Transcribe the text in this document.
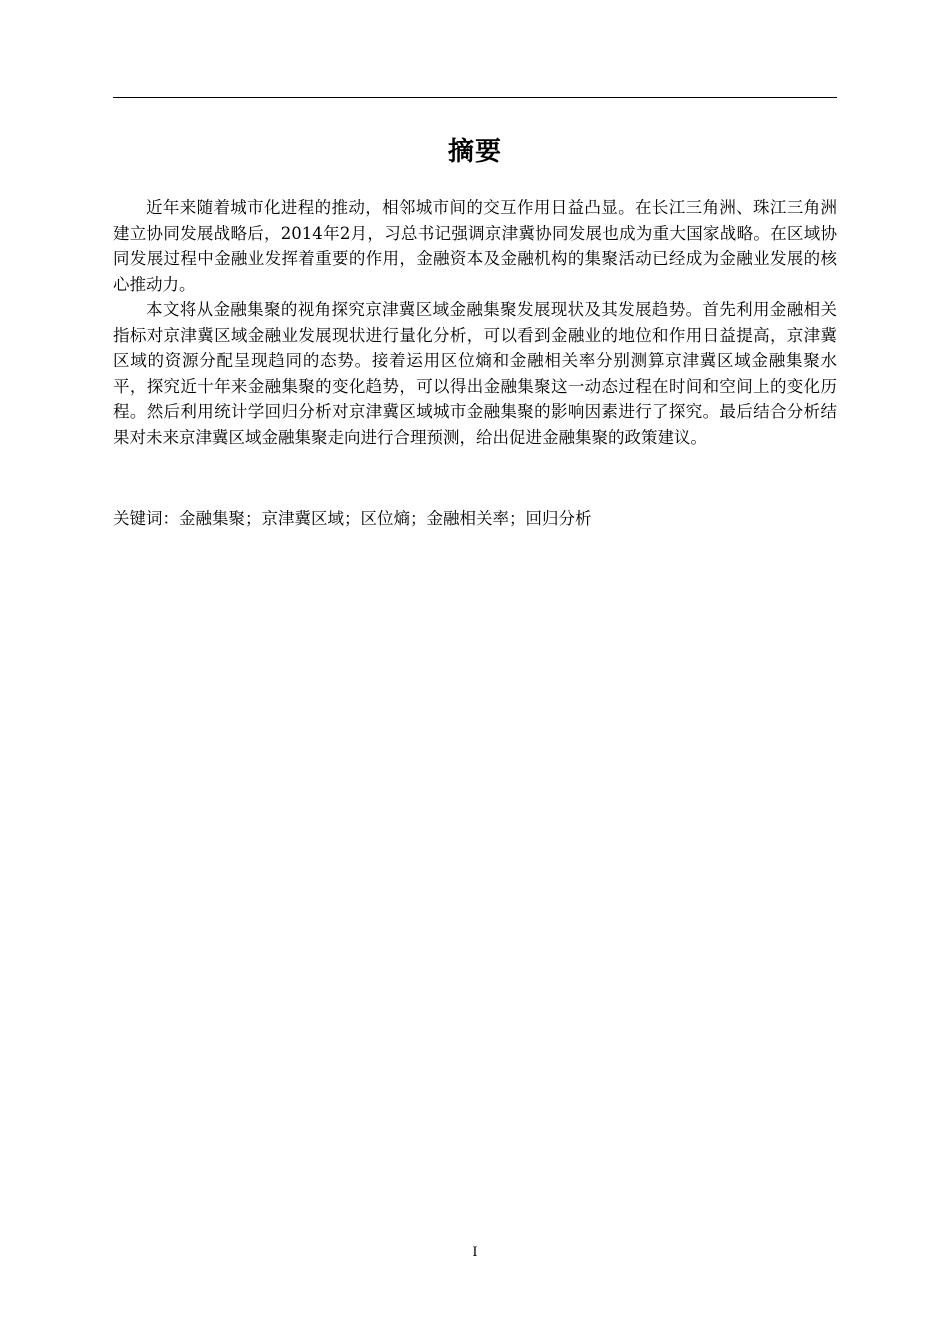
摘要

近年来随着城市化进程的推动，相邻城市间的交互作用日益凸显。在长江三角洲、珠江三角洲建立协同发展战略后，2014年2月，习总书记强调京津冀协同发展也成为重大国家战略。在区域协同发展过程中金融业发挥着重要的作用，金融资本及金融机构的集聚活动已经成为金融业发展的核心推动力。

本文将从金融集聚的视角探究京津冀区域金融集聚发展现状及其发展趋势。首先利用金融相关指标对京津冀区域金融业发展现状进行量化分析，可以看到金融业的地位和作用日益提高，京津冀区域的资源分配呈现趋同的态势。接着运用区位熵和金融相关率分别测算京津冀区域金融集聚水平，探究近十年来金融集聚的变化趋势，可以得出金融集聚这一动态过程在时间和空间上的变化历程。然后利用统计学回归分析对京津冀区域城市金融集聚的影响因素进行了探究。最后结合分析结果对未来京津冀区域金融集聚走向进行合理预测，给出促进金融集聚的政策建议。

关键词：金融集聚；京津冀区域；区位熵；金融相关率；回归分析
I
